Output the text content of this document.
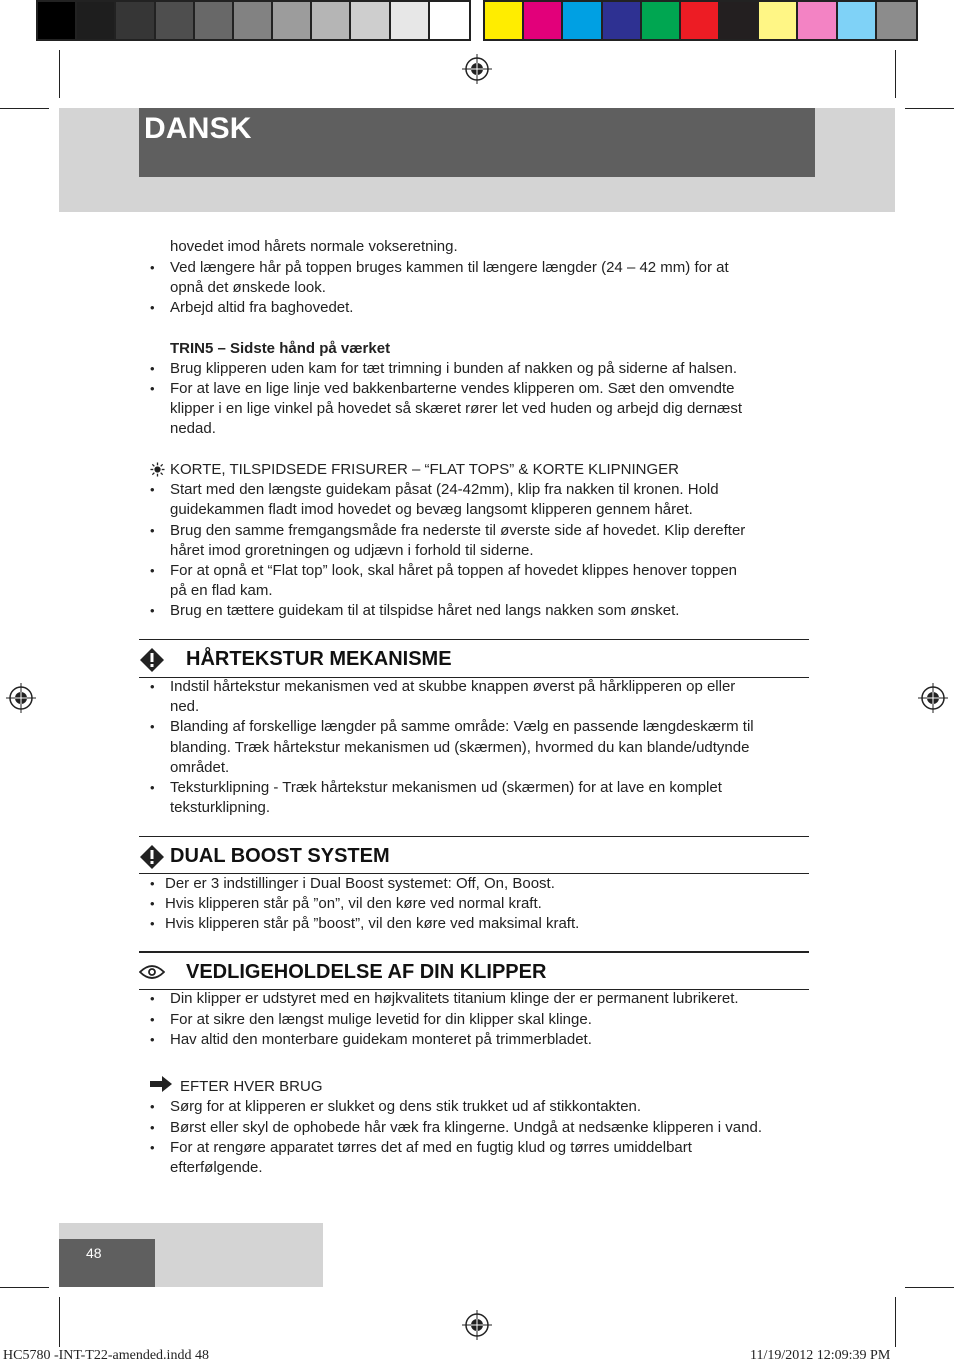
DANSK
hovedet imod hårets normale vokseretning.
• Ved længere hår på toppen bruges kammen til længere længder (24 – 42 mm) for at
opnå det ønskede look.
• Arbejd altid fra baghovedet.
TRIN5 – Sidste hånd på værket
• Brug klipperen uden kam for tæt trimning i bunden af nakken og på siderne af halsen.
• For at lave en lige linje ved bakkenbarterne vendes klipperen om. Sæt den omvendte
klipper i en lige vinkel på hovedet så skæret rører let ved huden og arbejd dig dernæst
nedad.
KORTE, TILSPIDSEDE FRISURER – “FLAT TOPS” & KORTE KLIPNINGER
• Start med den længste guidekam påsat (24-42mm), klip fra nakken til kronen. Hold
guidekammen fladt imod hovedet og bevæg langsomt klipperen gennem håret.
• Brug den samme fremgangsmåde fra nederste til øverste side af hovedet. Klip derefter
håret imod groretningen og udjævn i forhold til siderne.
• For at opnå et “Flat top” look, skal håret på toppen af hovedet klippes henover toppen
på en flad kam.
• Brug en tættere guidekam til at tilspidse håret ned langs nakken som ønsket.
HÅRTEKSTUR MEKANISME
• Indstil hårtekstur mekanismen ved at skubbe knappen øverst på hårklipperen op eller
ned.
• Blanding af forskellige længder på samme område: Vælg en passende længdeskærm til
blanding. Træk hårtekstur mekanismen ud (skærmen), hvormed du kan blande/udtynde
området.
• Teksturklipning - Træk hårtekstur mekanismen ud (skærmen) for at lave en komplet
teksturklipning.
DUAL BOOST SYSTEM
• Der er 3 indstillinger i Dual Boost systemet: Off, On, Boost.
• Hvis klipperen står på ”on”, vil den køre ved normal kraft.
• Hvis klipperen står på ”boost”, vil den køre ved maksimal kraft.
VEDLIGEHOLDELSE AF DIN KLIPPER
• Din klipper er udstyret med en højkvalitets titanium klinge der er permanent lubrikeret.
• For at sikre den længst mulige levetid for din klipper skal klinge.
• Hav altid den monterbare guidekam monteret på trimmerbladet.
EFTER HVER BRUG
• Sørg for at klipperen er slukket og dens stik trukket ud af stikkontakten.
• Børst eller skyl de ophobede hår væk fra klingerne. Undgå at nedsænke klipperen i vand.
• For at rengøre apparatet tørres det af med en fugtig klud og tørres umiddelbart
efterfølgende.
48
HC5780 -INT-T22-amended.indd 48	11/19/2012 12:09:39 PM
